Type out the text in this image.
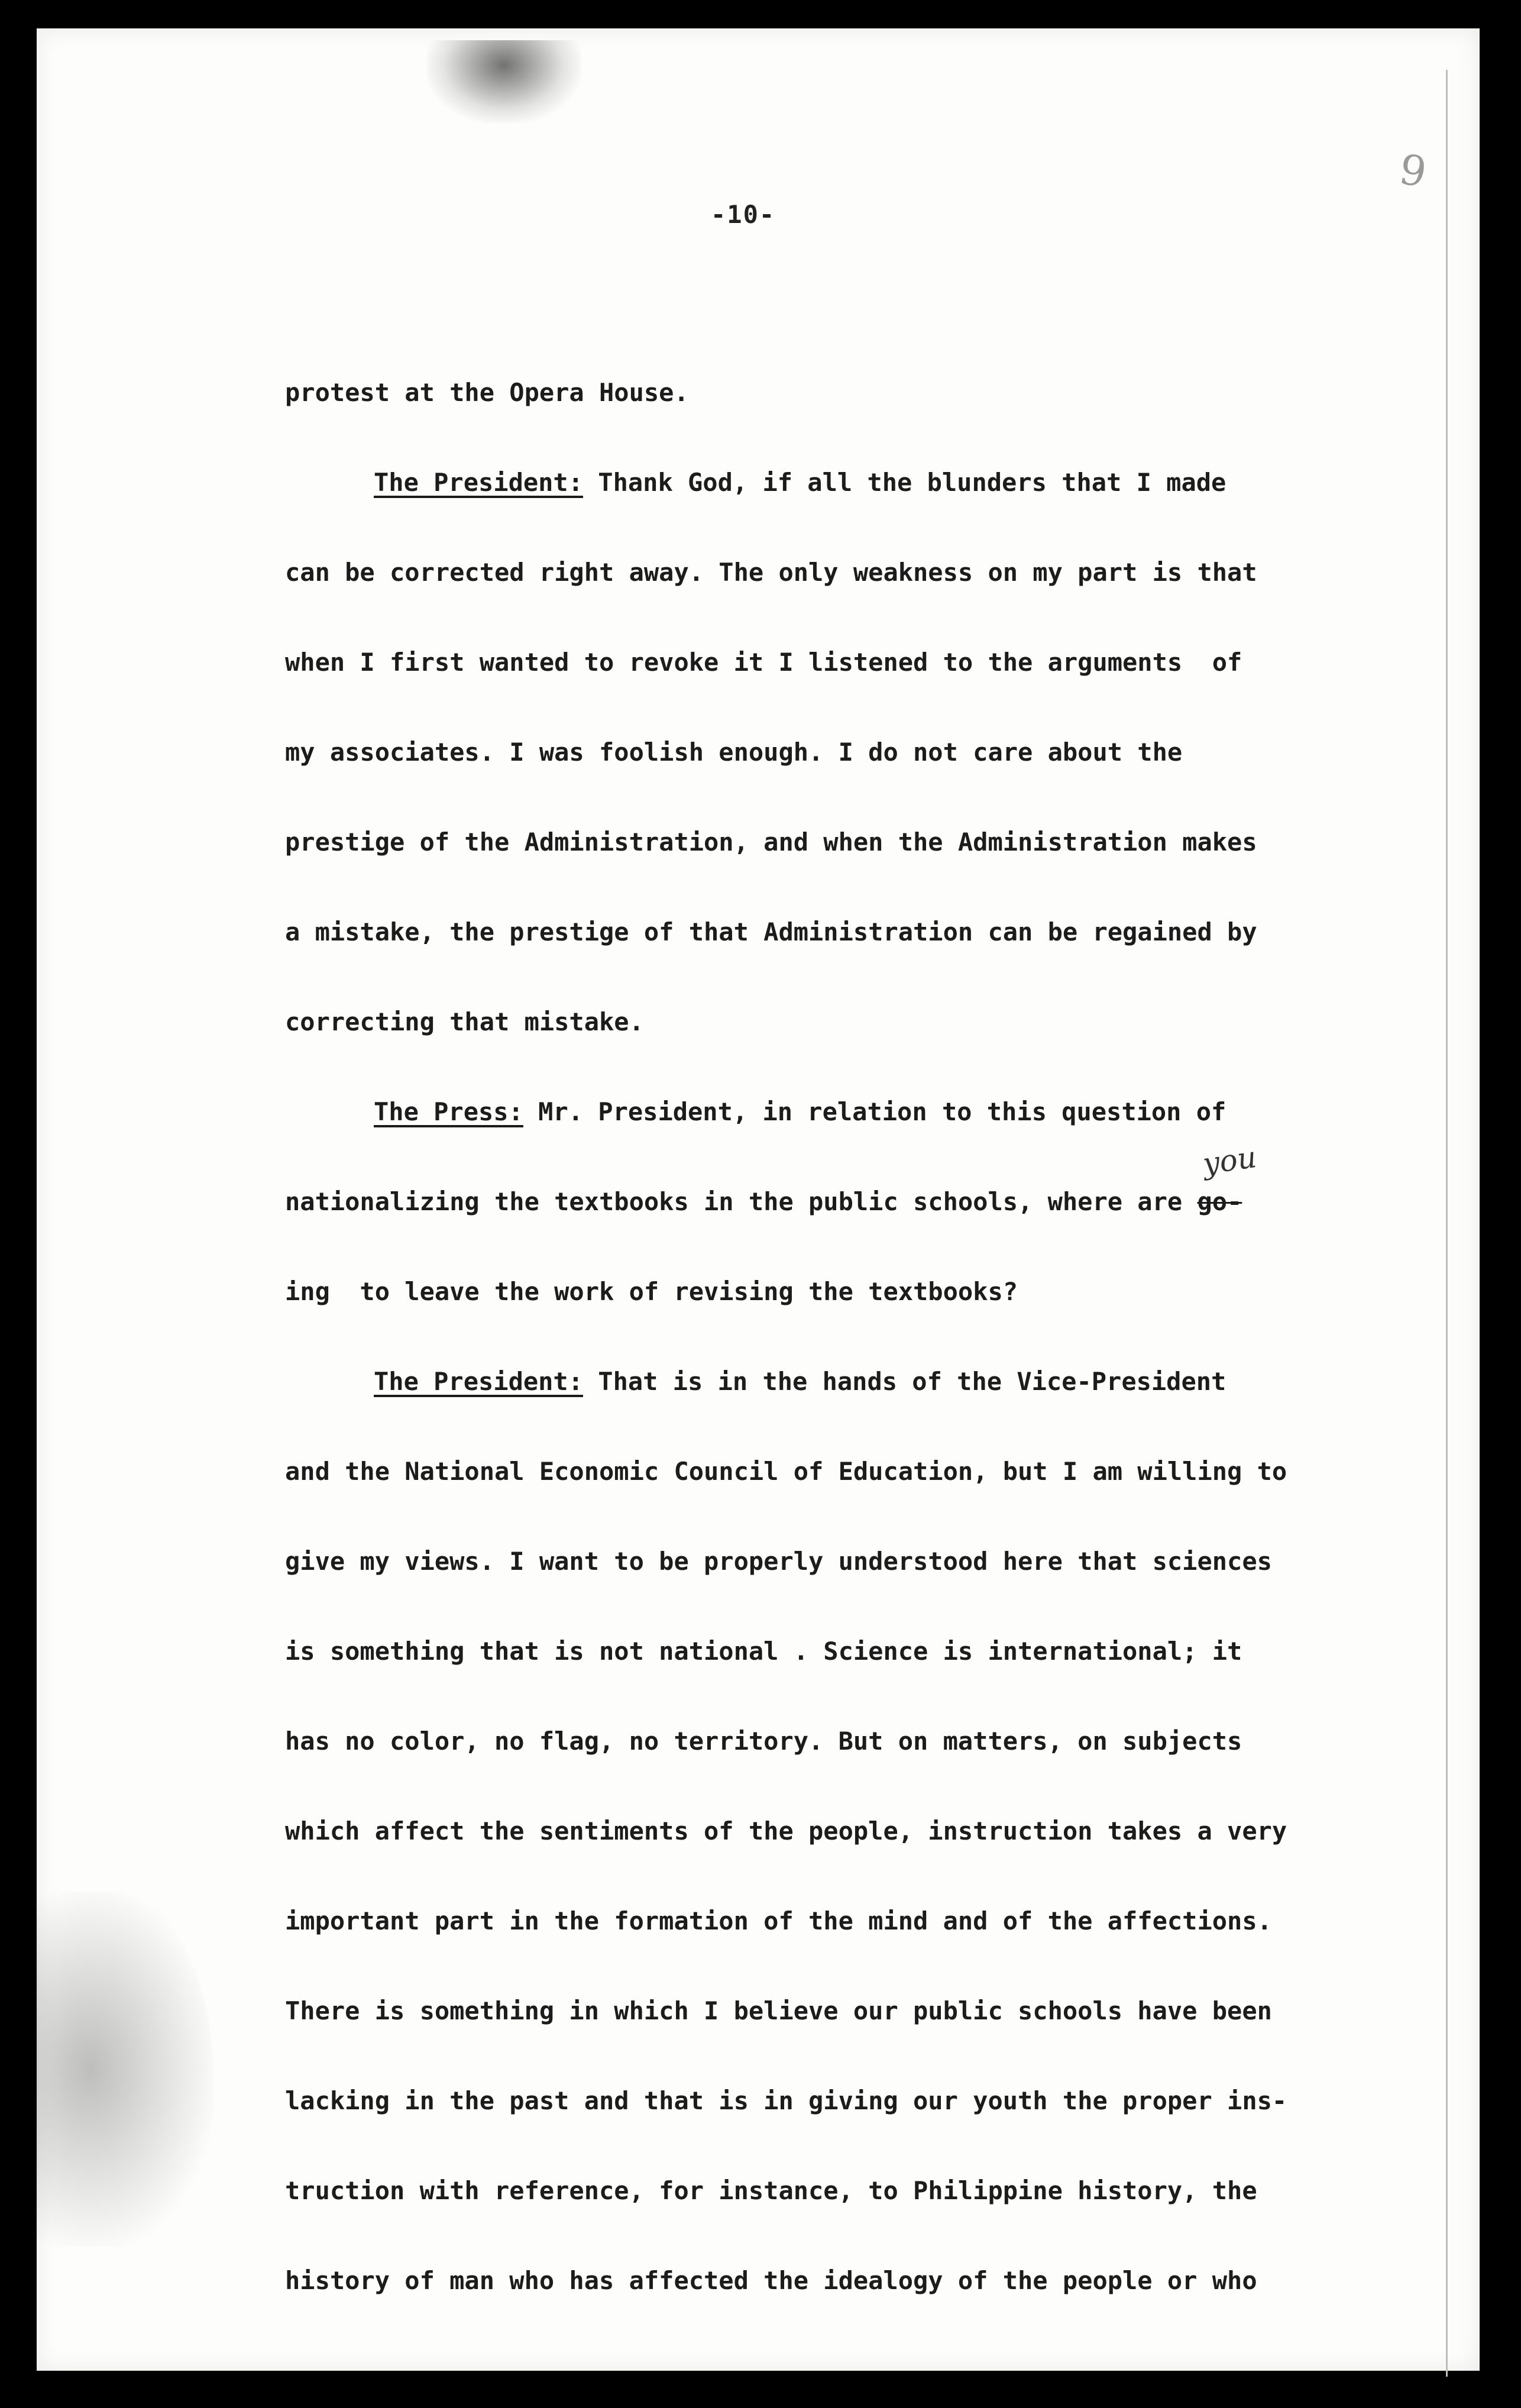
9
-10-
protest at the Opera House.
The President: Thank God, if all the blunders that I made
can be corrected right away. The only weakness on my part is that
when I first wanted to revoke it I listened to the arguments  of
my associates. I was foolish enough. I do not care about the
prestige of the Administration, and when the Administration makes
a mistake, the prestige of that Administration can be regained by
correcting that mistake.
The Press: Mr. President, in relation to this question of
nationalizing the textbooks in the public schools, where are
you
go-
ing  to leave the work of revising the textbooks?
The President: That is in the hands of the Vice-President
and the National Economic Council of Education, but I am willing to
give my views. I want to be properly understood here that sciences
is something that is not national . Science is international; it
has no color, no flag, no territory. But on matters, on subjects
which affect the sentiments of the people, instruction takes a very
important part in the formation of the mind and of the affections.
There is something in which I believe our public schools have been
lacking in the past and that is in giving our youth the proper ins-
truction with reference, for instance, to Philippine history, the
history of man who has affected the idealogy of the people or who
